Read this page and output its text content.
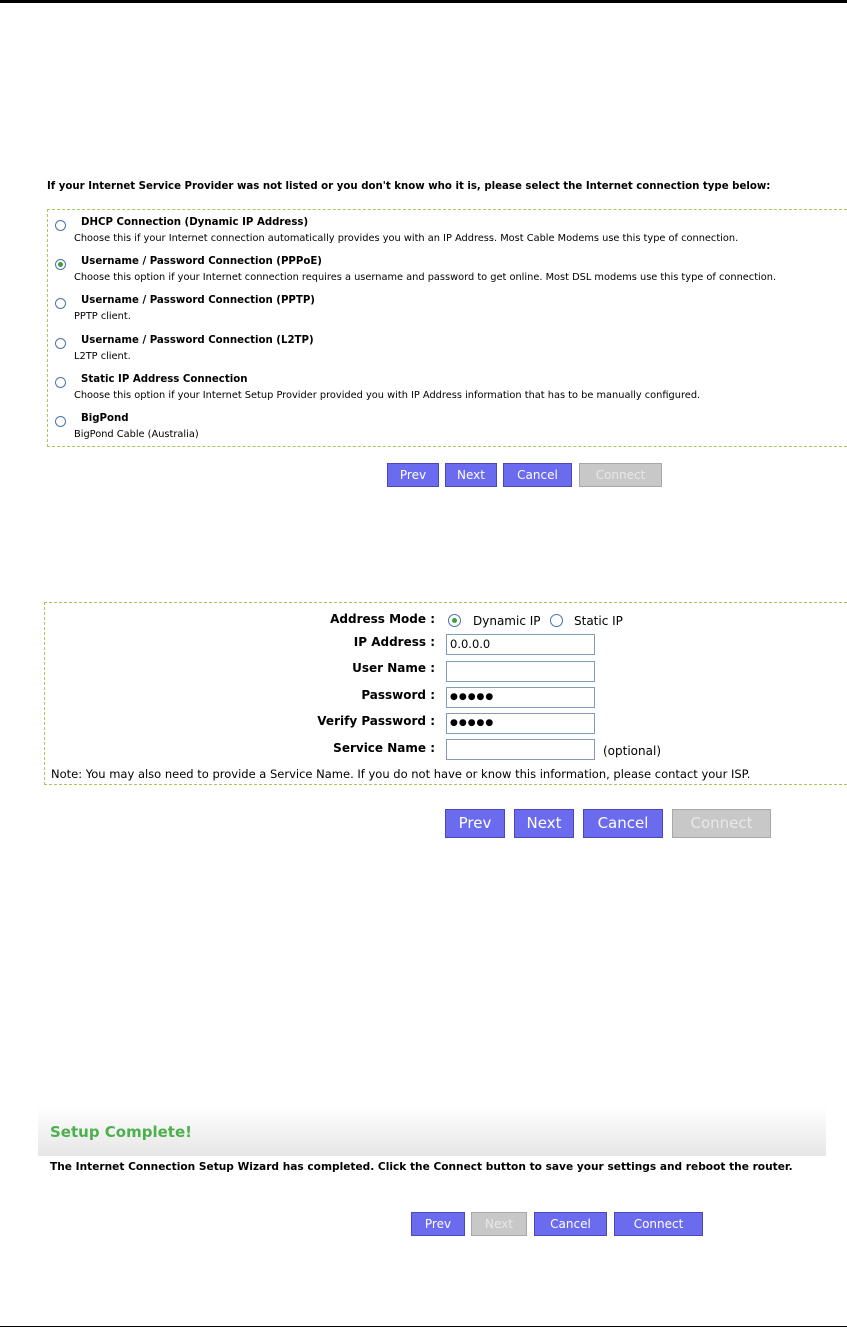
If your Internet Service Provider was not listed or you don't know who it is, please select the Internet connection type below:
DHCP Connection (Dynamic IP Address)
Choose this if your Internet connection automatically provides you with an IP Address. Most Cable Modems use this type of connection.
Username / Password Connection (PPPoE)
Choose this option if your Internet connection requires a username and password to get online. Most DSL modems use this type of connection.
Username / Password Connection (PPTP)
PPTP client.
Username / Password Connection (L2TP)
L2TP client.
Static IP Address Connection
Choose this option if your Internet Setup Provider provided you with IP Address information that has to be manually configured.
BigPond
BigPond Cable (Australia)
Prev	Next	Cancel	Connect
Address Mode :	Dynamic IP	Static IP
IP Address :	0.0.0.0
User Name :
Password :	●●●●●
Verify Password :	●●●●●
Service Name :	(optional)
Note: You may also need to provide a Service Name. If you do not have or know this information, please contact your ISP.
Prev	Next	Cancel	Connect
Setup Complete!
The Internet Connection Setup Wizard has completed. Click the Connect button to save your settings and reboot the router.
Prev	Next	Cancel	Connect
